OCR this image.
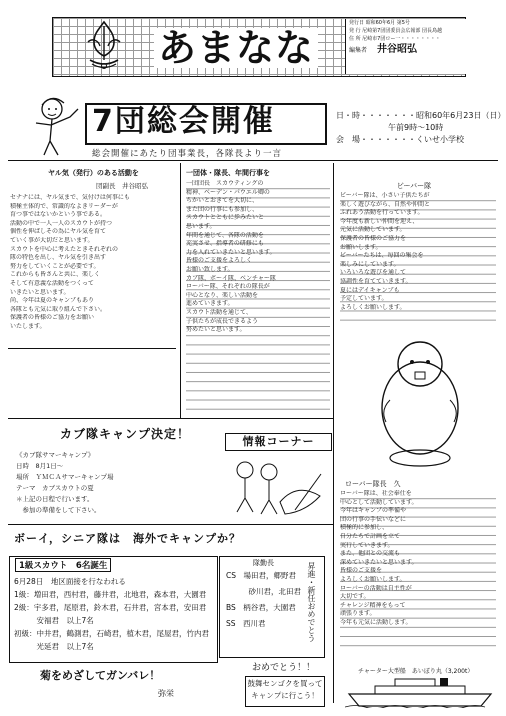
あまなな
発行日 昭和60年6月 第5号
発 行 尼崎第7団団委員会広報部 団長鳥越
住 所 尼崎市7団ロー一・・・・・・・・
編集者　 井谷昭弘
7団総会開催	日・時・・・・・・・昭和60年6月23日（日）
午前9時〜10時
会　場・・・・・・・くいせ小学校
総会開催にあたり団事業長，各隊長より一言
ヤル気（発行）のある活動を
団副長　井谷昭弘
セナナには、ヤル気まで、気付けは何事にも
積極主体的で、常識的なよきリーダーが
育つ事ではないかという事である。
活動の中で一人一人のスカウトが持つ
個性を伸ばしその為にヤル気を育て
ていく事が大切だと思います。
スカウトを中心に考えたときそれぞれの
隊の特色を出し、ヤル気を引き出す
努力をしていくことが必要です。
これからも皆さんと共に、楽しく
そして有意義な活動をつくって
いきたいと思います。
尚、今年は夏のキャンプもあり
各隊とも元気に取り組んで下さい。
保護者の皆様のご協力をお願い
いたします。
一団体・隊長、年間行事を
一団団長　スカウティングの
精神、ベーデン・パウエル卿の
ちかいとおきてを大切に、
また団の行事にも参加し、
スカウトとともに歩みたいと
思います。
年間を通じて、各隊の活動を
充実させ、指導者の研修にも
力を入れていきたいと思います。
皆様のご支援をよろしく
お願い致します。
カブ隊、ボーイ隊、ベンチャー隊
ローバー隊、それぞれの隊長が
中心となり、楽しい活動を
進めていきます。
スカウト活動を通じて、
子供たちが成長できるよう
努めたいと思います。
ビーバー隊
ビーバー隊は、小さい子供たちが
楽しく遊びながら、自然や仲間と
ふれあう活動を行っています。
今年度も新しい仲間を迎え、
元気に活動しています。
保護者の皆様のご協力を
お願いします。
ビーバーたちは、毎回の集会を
楽しみにしています。
いろいろな遊びを通して
協調性を育てていきます。
夏にはデイキャンプも
予定しています。
よろしくお願いします。
カブ隊キャンプ決定！
《カブ隊サマーキャンプ》
日時　8月1日〜
場所　ＹＭＣＡサマーキャンプ場
テーマ　カブスカウトの夏
＊上記の日程で行います。
　参加の準備をして下さい。
情報コーナー
ボーイ，シニア隊は　海外でキャンプか？
1級スカウト　6名誕生
6月28日　地区面接を行なわれる
1級：増田君，西村君，藤井君，北地君，森本君，大園君
2級：宇多君，尾原君，鈴木君，石井君，宮本君，安田君
　　　安福君　以上7名
初級：中井君，鶴測君，石崎君，植木君，尾屋君，竹内君
　　　光延君　以上7名
菊をめざしてガンバレ！
弥栄
隊勤長
CS　場田君，郷野君
　　　砂川君，北田君
BS　柄谷君，大園君
SS　西川君	昇進・新任おめでとう
おめでとう！！
鼓舞センゴクを買って
キャンプに行こう！
ローバー隊長　久
ローバー隊は、社会奉仕を
中心として活動しています。
今年はキャンプの準備や
団の行事の手伝いなどに
積極的に参加し、
自分たちで計画を立て
実行していきます。
また、他団との交流も
深めていきたいと思います。
皆様のご支援を
よろしくお願いします。
ローバーの活動は自主性が
大切です。
チャレンジ精神をもって
頑張ります。
今年も元気に活動します。
チャーター大型船　あいぼり丸（3,200t）
